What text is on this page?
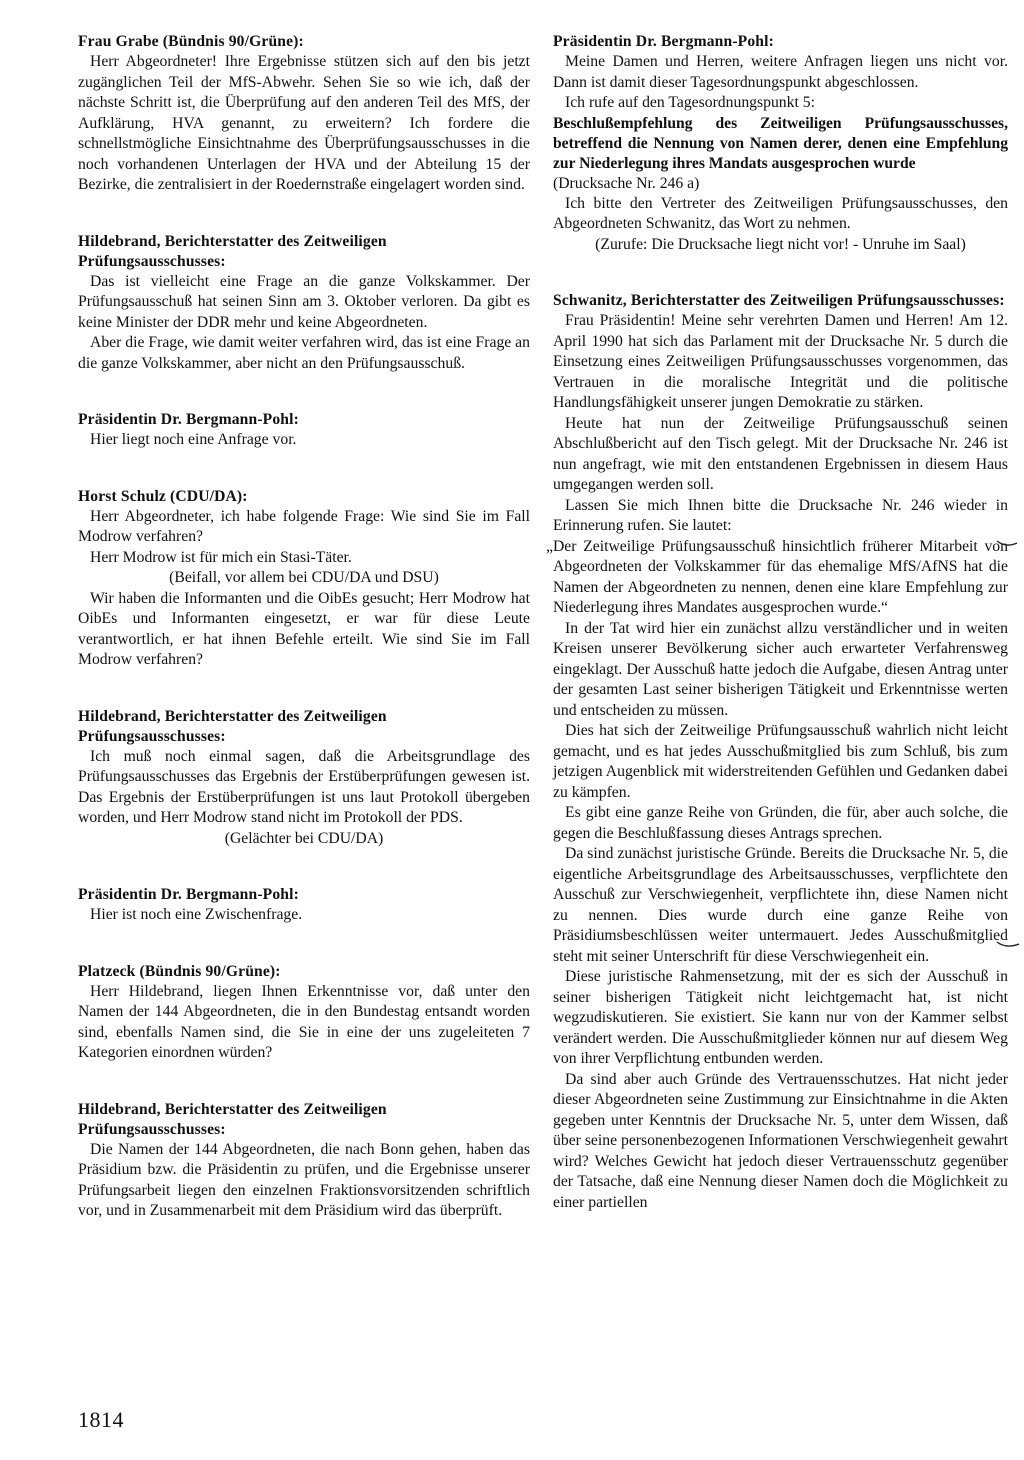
Frau Grabe (Bündnis 90/Grüne):

Herr Abgeordneter! Ihre Ergebnisse stützen sich auf den bis jetzt zugänglichen Teil der MfS-Abwehr. Sehen Sie so wie ich, daß der nächste Schritt ist, die Überprüfung auf den anderen Teil des MfS, der Aufklärung, HVA genannt, zu erweitern? Ich fordere die schnellstmögliche Einsichtnahme des Überprüfungsausschusses in die noch vorhandenen Unterlagen der HVA und der Abteilung 15 der Bezirke, die zentralisiert in der Roedernstraße eingelagert worden sind.

Hildebrand, Berichterstatter des Zeitweiligen Prüfungsausschusses:

Das ist vielleicht eine Frage an die ganze Volkskammer. Der Prüfungsausschuß hat seinen Sinn am 3. Oktober verloren. Da gibt es keine Minister der DDR mehr und keine Abgeordneten.

Aber die Frage, wie damit weiter verfahren wird, das ist eine Frage an die ganze Volkskammer, aber nicht an den Prüfungsausschuß.

Präsidentin Dr. Bergmann-Pohl:

Hier liegt noch eine Anfrage vor.

Horst Schulz (CDU/DA):

Herr Abgeordneter, ich habe folgende Frage: Wie sind Sie im Fall Modrow verfahren?

Herr Modrow ist für mich ein Stasi-Täter.

(Beifall, vor allem bei CDU/DA und DSU)

Wir haben die Informanten und die OibEs gesucht; Herr Modrow hat OibEs und Informanten eingesetzt, er war für diese Leute verantwortlich, er hat ihnen Befehle erteilt. Wie sind Sie im Fall Modrow verfahren?

Hildebrand, Berichterstatter des Zeitweiligen Prüfungsausschusses:

Ich muß noch einmal sagen, daß die Arbeitsgrundlage des Prüfungsausschusses das Ergebnis der Erstüberprüfungen gewesen ist. Das Ergebnis der Erstüberprüfungen ist uns laut Protokoll übergeben worden, und Herr Modrow stand nicht im Protokoll der PDS.

(Gelächter bei CDU/DA)

Präsidentin Dr. Bergmann-Pohl:

Hier ist noch eine Zwischenfrage.

Platzeck (Bündnis 90/Grüne):

Herr Hildebrand, liegen Ihnen Erkenntnisse vor, daß unter den Namen der 144 Abgeordneten, die in den Bundestag entsandt worden sind, ebenfalls Namen sind, die Sie in eine der uns zugeleiteten 7 Kategorien einordnen würden?

Hildebrand, Berichterstatter des Zeitweiligen Prüfungsausschusses:

Die Namen der 144 Abgeordneten, die nach Bonn gehen, haben das Präsidium bzw. die Präsidentin zu prüfen, und die Ergebnisse unserer Prüfungsarbeit liegen den einzelnen Fraktionsvorsitzenden schriftlich vor, und in Zusammenarbeit mit dem Präsidium wird das überprüft.

Präsidentin Dr. Bergmann-Pohl:

Meine Damen und Herren, weitere Anfragen liegen uns nicht vor. Dann ist damit dieser Tagesordnungspunkt abgeschlossen.

Ich rufe auf den Tagesordnungspunkt 5:

Beschlußempfehlung des Zeitweiligen Prüfungsausschusses, betreffend die Nennung von Namen derer, denen eine Empfehlung zur Niederlegung ihres Mandats ausgesprochen wurde

(Drucksache Nr. 246 a)

Ich bitte den Vertreter des Zeitweiligen Prüfungsausschusses, den Abgeordneten Schwanitz, das Wort zu nehmen.

(Zurufe: Die Drucksache liegt nicht vor! - Unruhe im Saal)

Schwanitz, Berichterstatter des Zeitweiligen Prüfungsausschusses:

Frau Präsidentin! Meine sehr verehrten Damen und Herren! Am 12. April 1990 hat sich das Parlament mit der Drucksache Nr. 5 durch die Einsetzung eines Zeitweiligen Prüfungsausschusses vorgenommen, das Vertrauen in die moralische Integrität und die politische Handlungsfähigkeit unserer jungen Demokratie zu stärken.

Heute hat nun der Zeitweilige Prüfungsausschuß seinen Abschlußbericht auf den Tisch gelegt. Mit der Drucksache Nr. 246 ist nun angefragt, wie mit den entstandenen Ergebnissen in diesem Haus umgegangen werden soll.

Lassen Sie mich Ihnen bitte die Drucksache Nr. 246 wieder in Erinnerung rufen. Sie lautet:

„Der Zeitweilige Prüfungsausschuß hinsichtlich früherer Mitarbeit von Abgeordneten der Volkskammer für das ehemalige MfS/AfNS hat die Namen der Abgeordneten zu nennen, denen eine klare Empfehlung zur Niederlegung ihres Mandates ausgesprochen wurde.“

In der Tat wird hier ein zunächst allzu verständlicher und in weiten Kreisen unserer Bevölkerung sicher auch erwarteter Verfahrensweg eingeklagt. Der Ausschuß hatte jedoch die Aufgabe, diesen Antrag unter der gesamten Last seiner bisherigen Tätigkeit und Erkenntnisse werten und entscheiden zu müssen.

Dies hat sich der Zeitweilige Prüfungsausschuß wahrlich nicht leicht gemacht, und es hat jedes Ausschußmitglied bis zum Schluß, bis zum jetzigen Augenblick mit widerstreitenden Gefühlen und Gedanken dabei zu kämpfen.

Es gibt eine ganze Reihe von Gründen, die für, aber auch solche, die gegen die Beschlußfassung dieses Antrags sprechen.

Da sind zunächst juristische Gründe. Bereits die Drucksache Nr. 5, die eigentliche Arbeitsgrundlage des Arbeitsausschusses, verpflichtete den Ausschuß zur Verschwiegenheit, verpflichtete ihn, diese Namen nicht zu nennen. Dies wurde durch eine ganze Reihe von Präsidiumsbeschlüssen weiter untermauert. Jedes Ausschußmitglied steht mit seiner Unterschrift für diese Verschwiegenheit ein.

Diese juristische Rahmensetzung, mit der es sich der Ausschuß in seiner bisherigen Tätigkeit nicht leichtgemacht hat, ist nicht wegzudiskutieren. Sie existiert. Sie kann nur von der Kammer selbst verändert werden. Die Ausschußmitglieder können nur auf diesem Weg von ihrer Verpflichtung entbunden werden.

Da sind aber auch Gründe des Vertrauensschutzes. Hat nicht jeder dieser Abgeordneten seine Zustimmung zur Einsichtnahme in die Akten gegeben unter Kenntnis der Drucksache Nr. 5, unter dem Wissen, daß über seine personenbezogenen Informationen Verschwiegenheit gewahrt wird? Welches Gewicht hat jedoch dieser Vertrauensschutz gegenüber der Tatsache, daß eine Nennung dieser Namen doch die Möglichkeit zu einer partiellen

1814
